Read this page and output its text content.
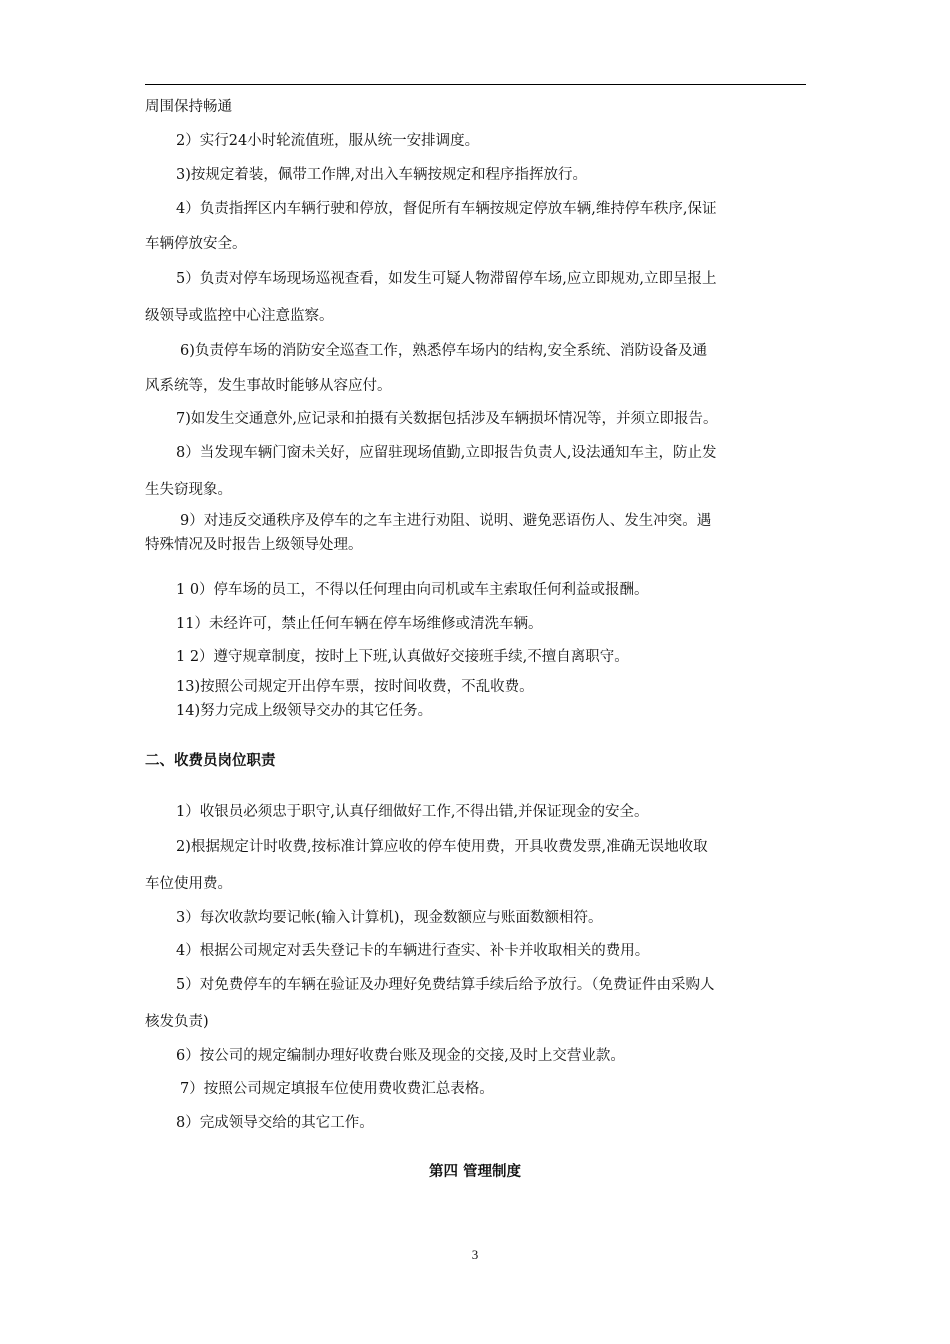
周围保持畅通

2）实行24小时轮流值班，服从统一安排调度。

3)按规定着装，佩带工作牌,对出入车辆按规定和程序指挥放行。

4）负责指挥区内车辆行驶和停放，督促所有车辆按规定停放车辆,维持停车秩序,保证

车辆停放安全。

5）负责对停车场现场巡视查看，如发生可疑人物滞留停车场,应立即规劝,立即呈报上

级领导或监控中心注意监察。

6)负责停车场的消防安全巡查工作，熟悉停车场内的结构,安全系统、消防设备及通

风系统等，发生事故时能够从容应付。

7)如发生交通意外,应记录和拍摄有关数据包括涉及车辆损坏情况等，并须立即报告。

8）当发现车辆门窗未关好，应留驻现场值勤,立即报告负责人,设法通知车主，防止发

生失窃现象。

9）对违反交通秩序及停车的之车主进行劝阻、说明、避免恶语伤人、发生冲突。遇

特殊情况及时报告上级领导处理。

1 0）停车场的员工，不得以任何理由向司机或车主索取任何利益或报酬。

11）未经许可，禁止任何车辆在停车场维修或清洗车辆。

1 2）遵守规章制度，按时上下班,认真做好交接班手续,不擅自离职守。

13)按照公司规定开出停车票，按时间收费，不乱收费。

14)努力完成上级领导交办的其它任务。

二、收费员岗位职责

1）收银员必须忠于职守,认真仔细做好工作,不得出错,并保证现金的安全。

2)根据规定计时收费,按标准计算应收的停车使用费，开具收费发票,准确无误地收取

车位使用费。

3）每次收款均要记帐(输入计算机)，现金数额应与账面数额相符。

4）根据公司规定对丢失登记卡的车辆进行查实、补卡并收取相关的费用。

5）对免费停车的车辆在验证及办理好免费结算手续后给予放行。（免费证件由采购人

核发负责)

6）按公司的规定编制办理好收费台账及现金的交接,及时上交营业款。

7）按照公司规定填报车位使用费收费汇总表格。

8）完成领导交给的其它工作。

第四 管理制度

3
